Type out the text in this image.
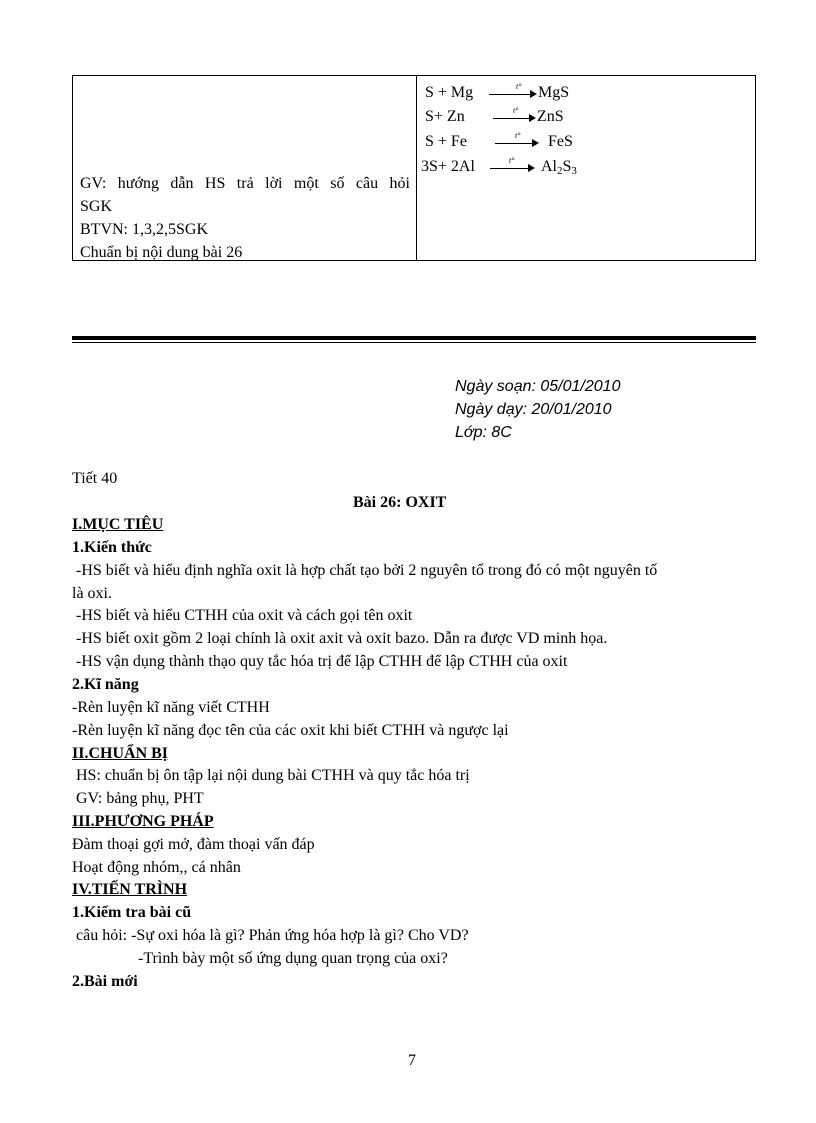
GV: hướng dẫn HS trả lời một số câu hỏi
SGK
BTVN: 1,3,2,5SGK
Chuẩn bị nội dung bài 26
S + Mg	t° MgS
S+ Zn	t° ZnS
S + Fe	t° FeS
3S+ 2Al	t° $Al_2S_3$
Ngày soạn: 05/01/2010
Ngày dạy: 20/01/2010
Lớp: 8C
Tiết 40
Bài 26: OXIT
I.MỤC TIÊU
1.Kiến thức
-HS biết và hiểu định nghĩa oxit là hợp chất tạo bởi 2 nguyên tố trong đó có một nguyên tố
là oxi.
-HS biết và hiểu CTHH của oxit và cách gọi tên oxit
-HS biết oxit gồm 2 loại chính là oxit axit và oxit bazo. Dẫn ra được VD minh họa.
-HS vận dụng thành thạo quy tắc hóa trị để lập CTHH để lập CTHH của oxit
2.Kĩ năng
-Rèn luyện kĩ năng viết CTHH
-Rèn luyện kĩ năng đọc tên của các oxit khi biết CTHH và ngược lại
II.CHUẨN BỊ
HS: chuẩn bị ôn tập lại nội dung bài CTHH và quy tắc hóa trị
GV: bảng phụ, PHT
III.PHƯƠNG PHÁP
Đàm thoại gợi mở, đàm thoại vấn đáp
Hoạt động nhóm,, cá nhân
IV.TIẾN TRÌNH
1.Kiểm tra bài cũ
câu hỏi: -Sự oxi hóa là gì? Phản ứng hóa hợp là gì? Cho VD?
-Trình bày một số ứng dụng quan trọng của oxi?
2.Bài mới
7
